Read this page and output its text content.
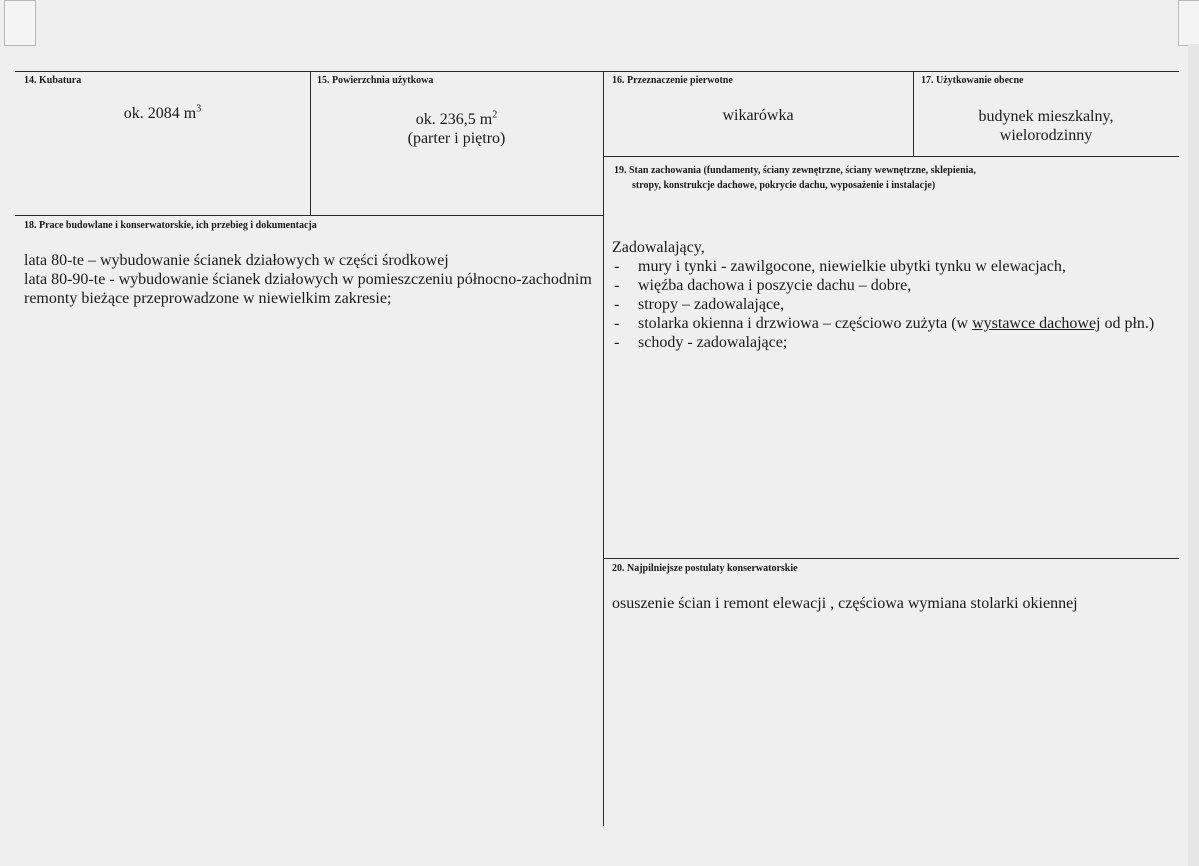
14. Kubatura
ok. 2084 $m^3$
15. Powierzchnia użytkowa
ok. 236,5 $m^2$
(parter i piętro)
16. Przeznaczenie pierwotne
wikarówka
17. Użytkowanie obecne
budynek mieszkalny,
wielorodzinny
19. Stan zachowania (fundamenty, ściany zewnętrzne, ściany wewnętrzne, sklepienia,
stropy, konstrukcje dachowe, pokrycie dachu, wyposażenie i instalacje)
Zadowalający,
- mury i tynki - zawilgocone, niewielkie ubytki tynku w elewacjach,
- więźba dachowa i poszycie dachu – dobre,
- stropy – zadowalające,
- stolarka okienna i drzwiowa – częściowo zużyta (w wystawce dachowej od płn.)
- schody - zadowalające;
18. Prace budowlane i konserwatorskie, ich przebieg i dokumentacja
lata 80-te – wybudowanie ścianek działowych w części środkowej
lata 80-90-te - wybudowanie ścianek działowych w pomieszczeniu północno-zachodnim
remonty bieżące przeprowadzone w niewielkim zakresie;
20. Najpilniejsze postulaty konserwatorskie
osuszenie ścian i remont elewacji , częściowa wymiana stolarki okiennej
